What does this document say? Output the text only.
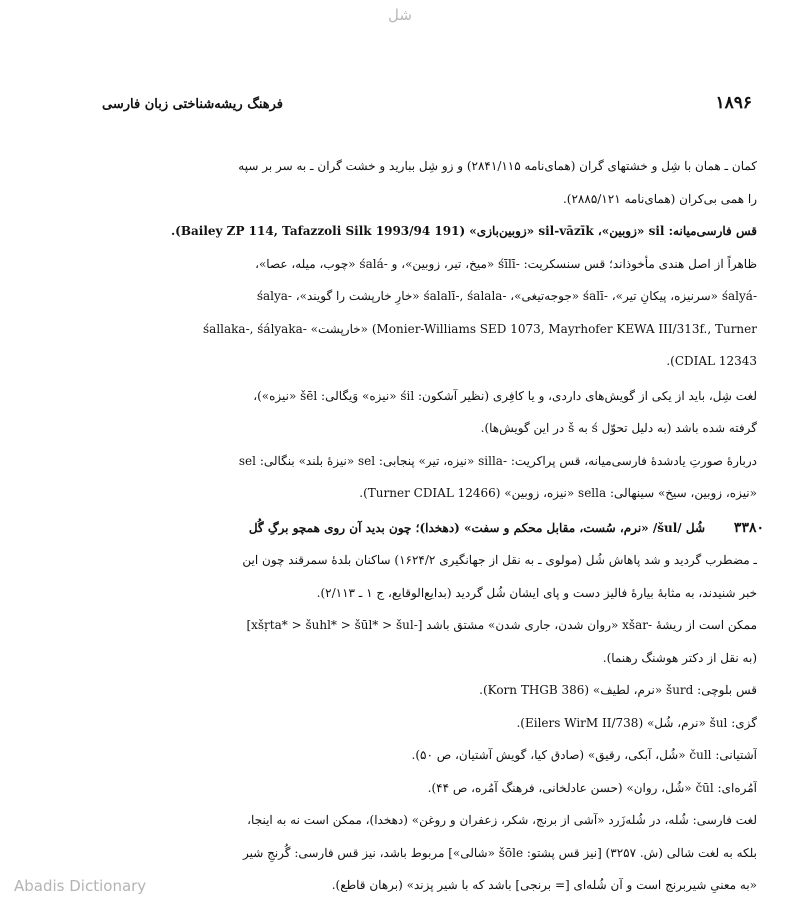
شل
۱۸۹۶
فرهنگ ریشه‌شناختی زبان فارسی

کمان ـ همان با شِل و خشتهای گران (همای‌نامه ۲۸۴۱/۱۱۵) و زو شِل ببارید و خشت گران ـ به سر بر سپه

را همی بی‌کران (همای‌نامه ۲۸۸۵/۱۲۱).

قس فارسی‌میانه: sil «زوبین»، sil-vāzīk «زوبین‌بازی» (Bailey ZP 114, Tafazzoli Silk 1993/94 191).

ظاهراً از اصل هندی مأخوذاند؛ قس سنسکریت: -śīlī «میخ، تیر، زوبین»، و -śalá «چوب، میله، عصا»،

-śalyá «سرنیزه، پیکانِ تیر»، -śalī «جوجه‌تیغی»، -śalalī-, śalala «خارِ خارپشت را گویند»، -śalya

Monier-Williams SED 1073, Mayrhofer KEWA III/313f., Turner) «خارپشت» -śallaka-, śályaka

CDIAL 12343).

لغت شِل، باید از یکی از گویش‌های داردی، و یا کافِری (نظیر آشکون: śil «نیزه» وَیگالی: šēl «نیزه»)،

گرفته شده باشد (به دلیل تحوّل ś به š در این گویش‌ها).

دربارهٔ صورتِ یادشدهٔ فارسی‌میانه، قس پراکریت: -silla «نیزه، تیر» پنجابی: sel «نیزهٔ بلند» بنگالی: sel

«نیزه، زوبین، سیخ» سینهالی: sella «نیزه، زوبین» (Turner CDIAL 12466).

۳۳۸۰

شُل /šul/ «نرم، سُست، مقابل محکم و سفت» (دهخدا)؛ چون بدید آن روی همچو برگِ گُل

ـ مضطرب گردید و شد پاهاش شُل (مولوی ـ به نقل از جهانگیری ۱۶۲۴/۲) ساکنان بلدهٔ سمرقند چون این

خبر شنیدند، به مثابهٔ بیارهٔ فالیز دست و پای ایشان شُل گردید (بدایع‌الوقایع، ج ۱ ـ ۲/۱۱۳).

ممکن است از ریشهٔ -xšar «روان شدن، جاری شدن» مشتق باشد [-xšṛta* > šuhl* > šūl* > šul]

(به نقل از دکتر هوشنگ رهنما).

قس بلوچی: šurd «نرم، لطیف» (Korn THGB 386).

گزی: šul «نرم، شُل» (Eilers WirM II/738).

آشتیانی: čull «شُل، آبکی، رقیق» (صادق کیا، گویش آشتیان، ص ۵۰).

آمُره‌ای: čūl «شُل، روان» (حسن عادلخانی، فرهنگ آمُره، ص ۴۴).

لغت فارسی: شُله، در شُله‌زَرد «آشی از برنج، شکر، زعفران و روغن» (دهخدا)، ممکن است نه به اینجا،

بلکه به لغت شالی (ش. ۳۲۵۷) [نیز قس پشتو: šōle «شالی»] مربوط باشد، نیز قس فارسی: گُرنجِ شیر

«به معنیِ شیربرنج است و آن شُله‌ای [= برنجی] باشد که با شیر پزند» (برهان قاطع).

Abadis Dictionary
